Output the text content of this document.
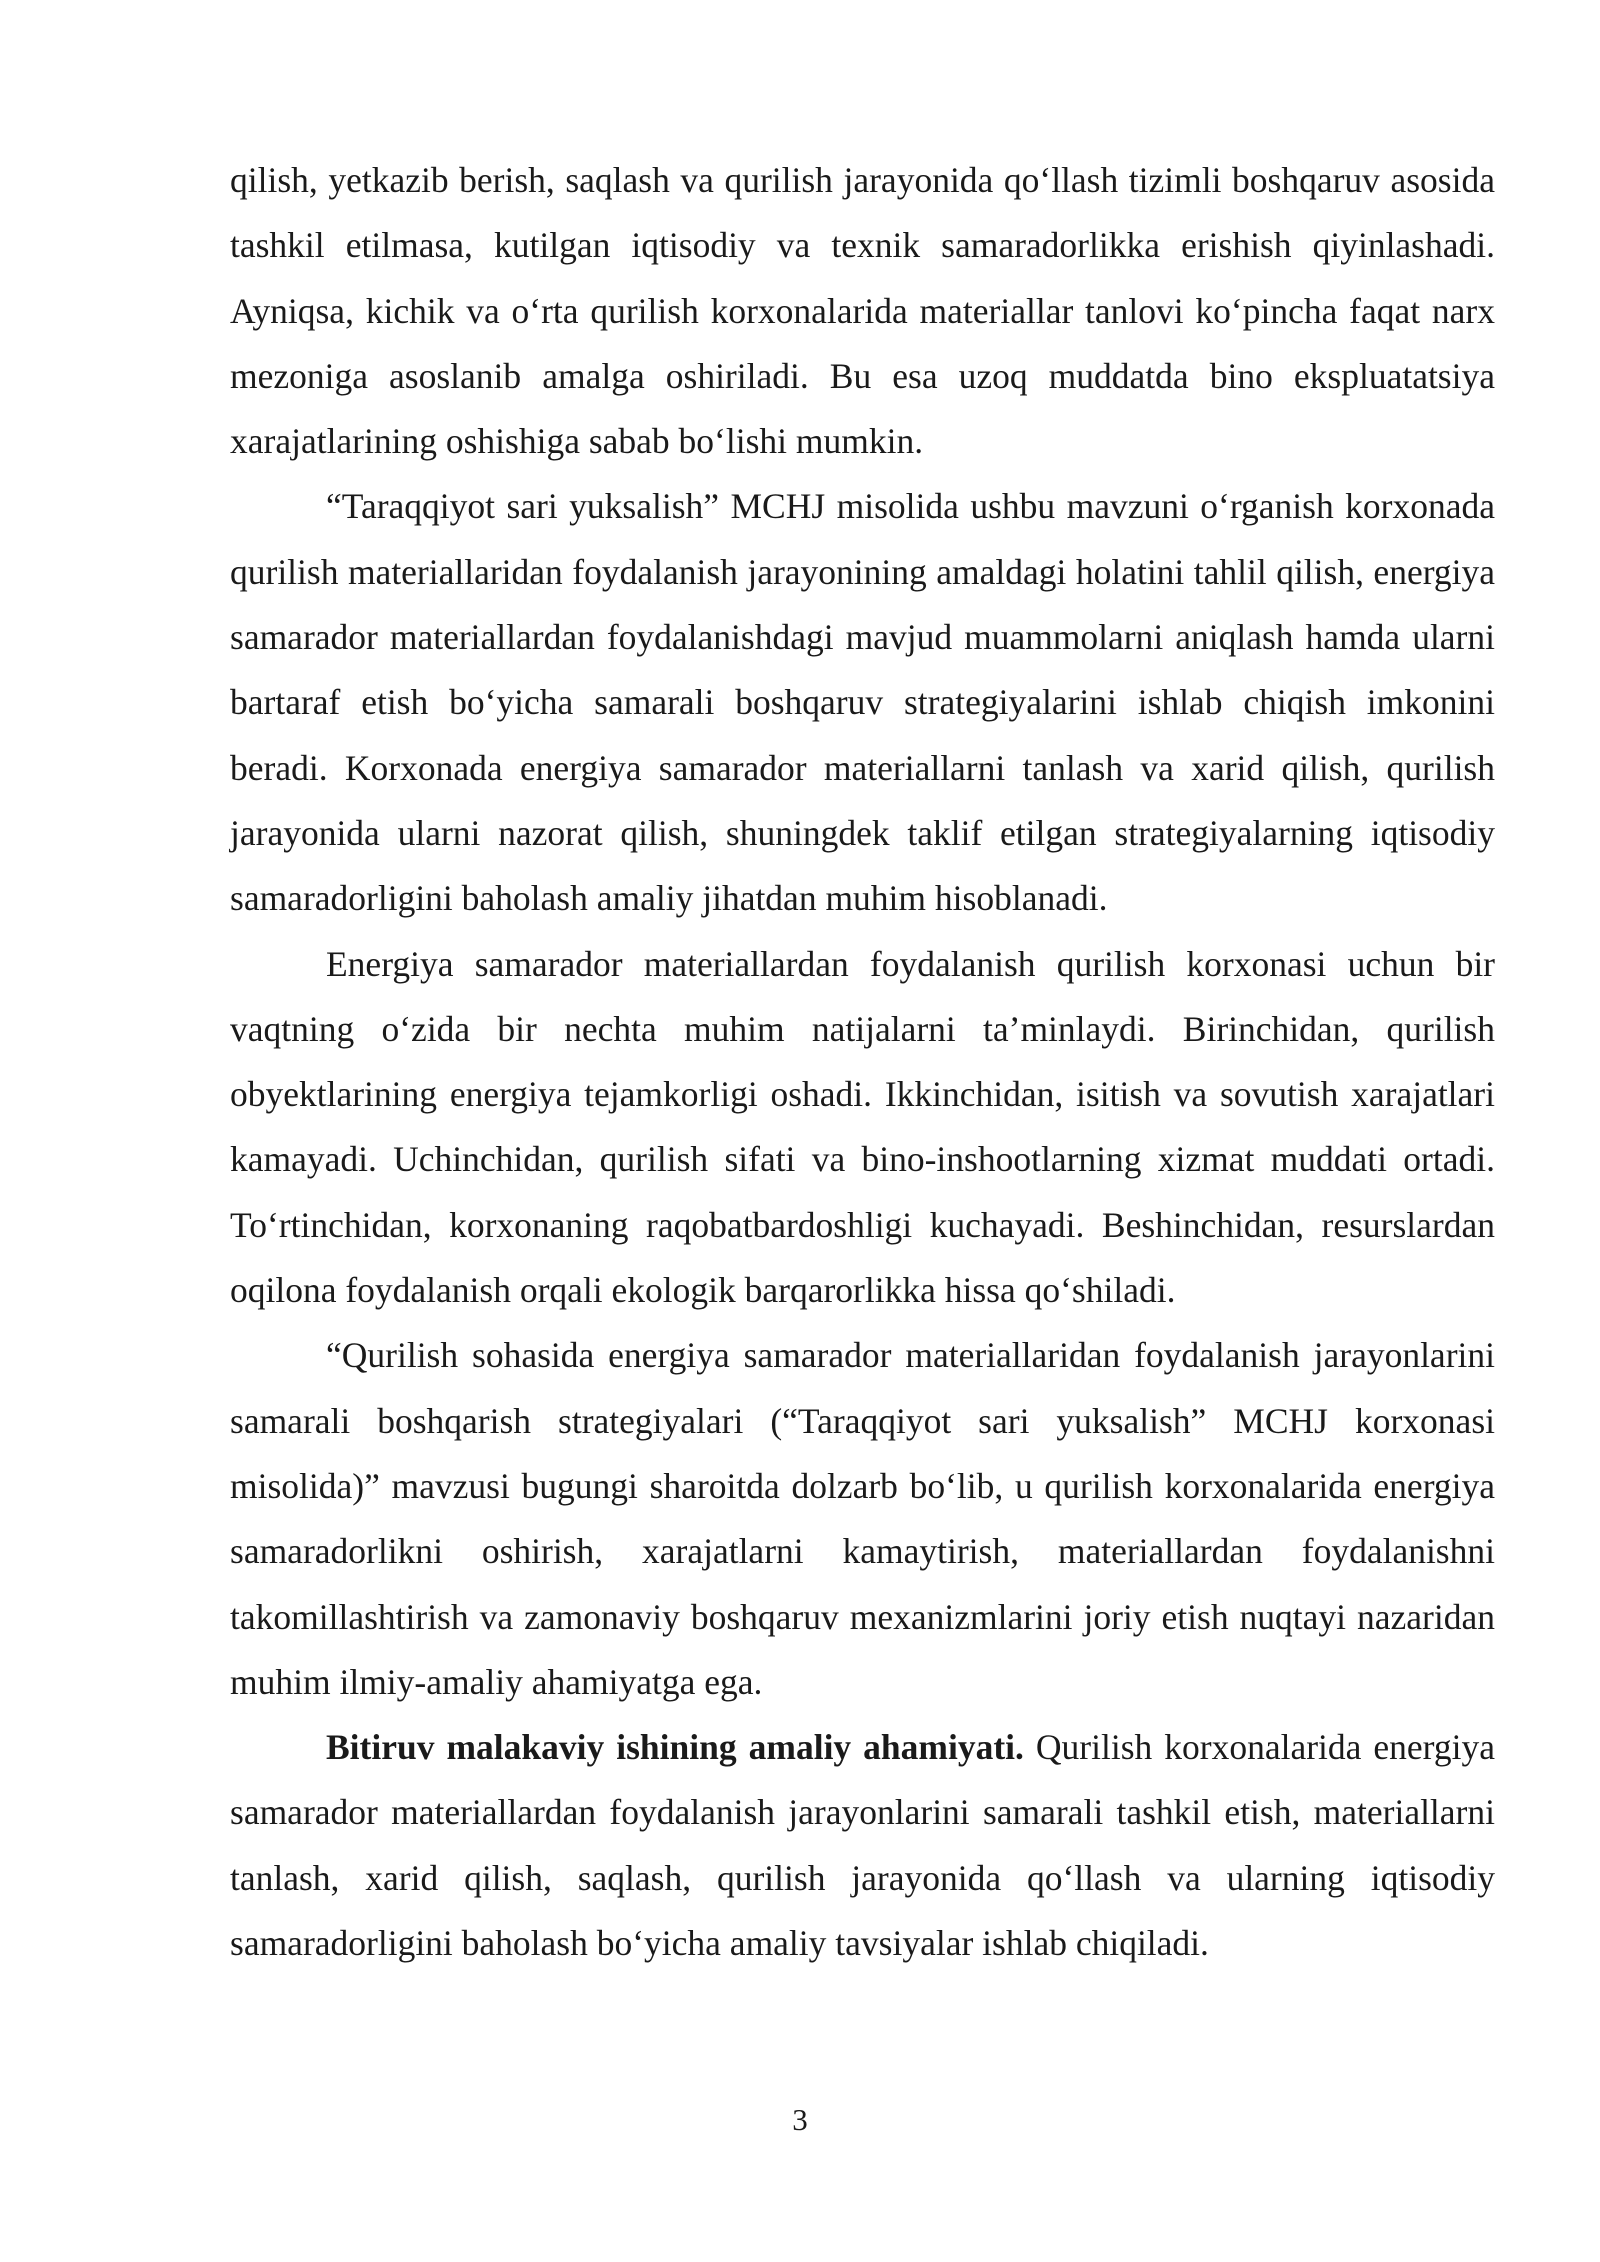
qilish, yetkazib berish, saqlash va qurilish jarayonida qo‘llash tizimli boshqaruv asosida tashkil etilmasa, kutilgan iqtisodiy va texnik samaradorlikka erishish qiyinlashadi. Ayniqsa, kichik va o‘rta qurilish korxonalarida materiallar tanlovi ko‘pincha faqat narx mezoniga asoslanib amalga oshiriladi. Bu esa uzoq muddatda bino ekspluatatsiya xarajatlarining oshishiga sabab bo‘lishi mumkin.

“Taraqqiyot sari yuksalish” MCHJ misolida ushbu mavzuni o‘rganish korxonada qurilish materiallaridan foydalanish jarayonining amaldagi holatini tahlil qilish, energiya samarador materiallardan foydalanishdagi mavjud muammolarni aniqlash hamda ularni bartaraf etish bo‘yicha samarali boshqaruv strategiyalarini ishlab chiqish imkonini beradi. Korxonada energiya samarador materiallarni tanlash va xarid qilish, qurilish jarayonida ularni nazorat qilish, shuningdek taklif etilgan strategiyalarning iqtisodiy samaradorligini baholash amaliy jihatdan muhim hisoblanadi.

Energiya samarador materiallardan foydalanish qurilish korxonasi uchun bir vaqtning o‘zida bir nechta muhim natijalarni ta’minlaydi. Birinchidan, qurilish obyektlarining energiya tejamkorligi oshadi. Ikkinchidan, isitish va sovutish xarajatlari kamayadi. Uchinchidan, qurilish sifati va bino-inshootlarning xizmat muddati ortadi. To‘rtinchidan, korxonaning raqobatbardoshligi kuchayadi. Beshinchidan, resurslardan oqilona foydalanish orqali ekologik barqarorlikka hissa qo‘shiladi.

“Qurilish sohasida energiya samarador materiallaridan foydalanish jarayonlarini samarali boshqarish strategiyalari (“Taraqqiyot sari yuksalish” MCHJ korxonasi misolida)” mavzusi bugungi sharoitda dolzarb bo‘lib, u qurilish korxonalarida energiya samaradorlikni oshirish, xarajatlarni kamaytirish, materiallardan foydalanishni takomillashtirish va zamonaviy boshqaruv mexanizmlarini joriy etish nuqtayi nazaridan muhim ilmiy-amaliy ahamiyatga ega.

Bitiruv malakaviy ishining amaliy ahamiyati. Qurilish korxonalarida energiya samarador materiallardan foydalanish jarayonlarini samarali tashkil etish, materiallarni tanlash, xarid qilish, saqlash, qurilish jarayonida qo‘llash va ularning iqtisodiy samaradorligini baholash bo‘yicha amaliy tavsiyalar ishlab chiqiladi.

3
